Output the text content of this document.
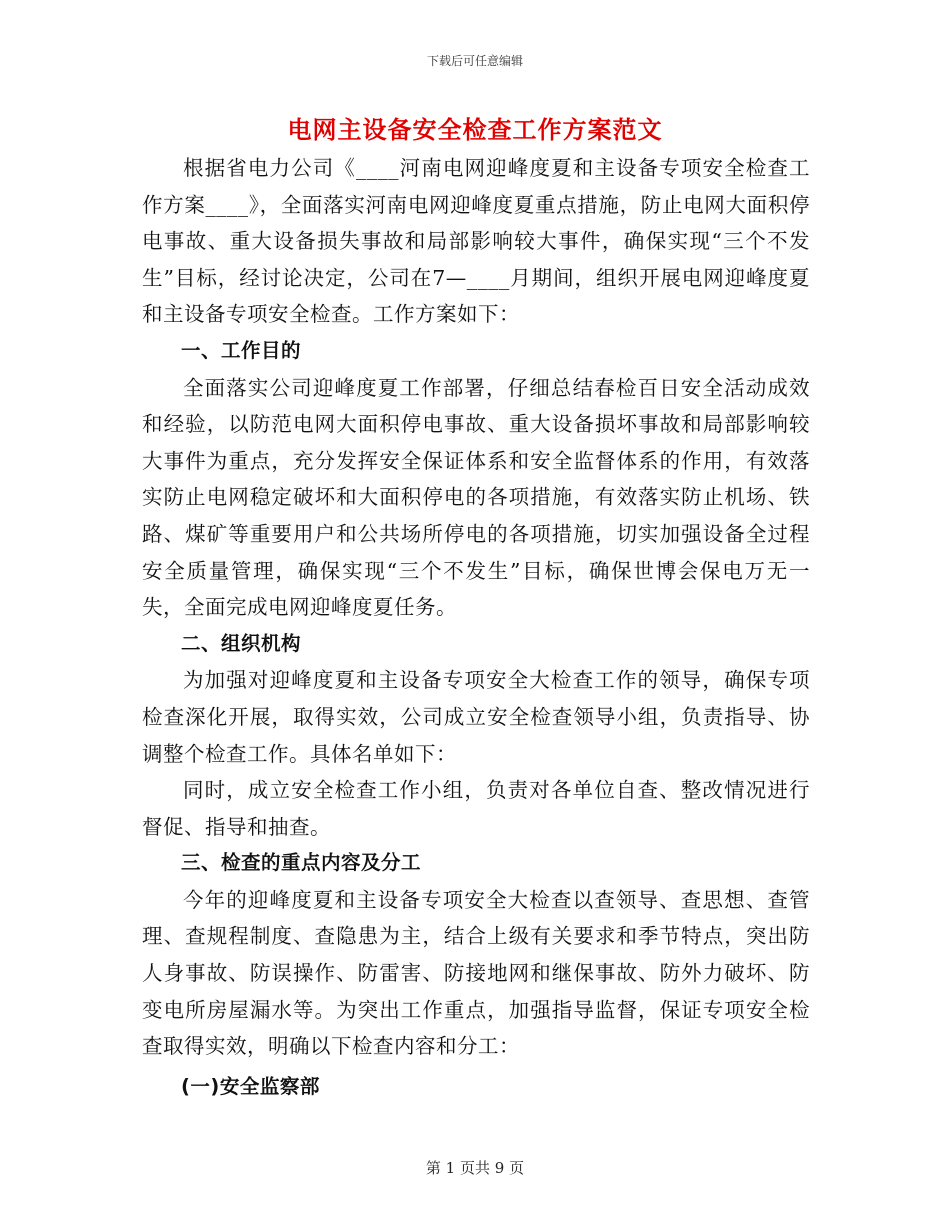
下载后可任意编辑
电网主设备安全检查工作方案范文

根据省电力公司《____河南电网迎峰度夏和主设备专项安全检查工作方案____》，全面落实河南电网迎峰度夏重点措施，防止电网大面积停电事故、重大设备损失事故和局部影响较大事件，确保实现“三个不发生”目标，经讨论决定，公司在7—____月期间，组织开展电网迎峰度夏和主设备专项安全检查。工作方案如下：

一、工作目的

全面落实公司迎峰度夏工作部署，仔细总结春检百日安全活动成效和经验，以防范电网大面积停电事故、重大设备损坏事故和局部影响较大事件为重点，充分发挥安全保证体系和安全监督体系的作用，有效落实防止电网稳定破坏和大面积停电的各项措施，有效落实防止机场、铁路、煤矿等重要用户和公共场所停电的各项措施，切实加强设备全过程安全质量管理，确保实现“三个不发生”目标，确保世博会保电万无一失，全面完成电网迎峰度夏任务。

二、组织机构

为加强对迎峰度夏和主设备专项安全大检查工作的领导，确保专项检查深化开展，取得实效，公司成立安全检查领导小组，负责指导、协调整个检查工作。具体名单如下：

同时，成立安全检查工作小组，负责对各单位自查、整改情况进行督促、指导和抽查。

三、检查的重点内容及分工

今年的迎峰度夏和主设备专项安全大检查以查领导、查思想、查管理、查规程制度、查隐患为主，结合上级有关要求和季节特点，突出防人身事故、防误操作、防雷害、防接地网和继保事故、防外力破坏、防变电所房屋漏水等。为突出工作重点，加强指导监督，保证专项安全检查取得实效，明确以下检查内容和分工：

(一)安全监察部
第 1 页共 9 页
